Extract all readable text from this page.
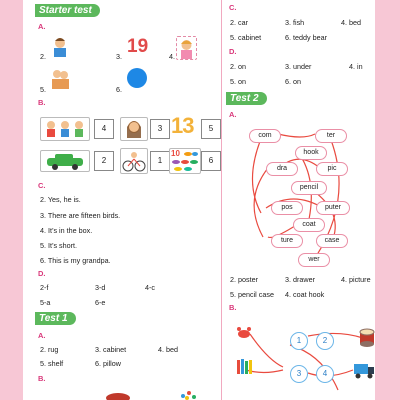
Starter test
A.
2.	3. 19	4.
5.	6.
B.
4	3 13	5
2	1
10
6
C.
2. Yes, he is.
3. There are fifteen birds.
4. It’s in the box.
5. It’s short.
6. This is my grandpa.
D.
2-f	3-d	4-c
5-a	6-e
Test 1
A.
2. rug	3. cabinet	4. bed
5. shelf	6. pillow
B.
C.
2. car	3. fish	4. bed
5. cabinet	6. teddy bear
D.
2. on	3. under	4. in
5. on	6. on
Test 2
A.
com	ter
hook
dra	pic
pencil
pos	puter
coat
ture	case
wer
2. poster	3. drawer	4. picture
5. pencil case 4. coat hook
B.
1	2
3	4
